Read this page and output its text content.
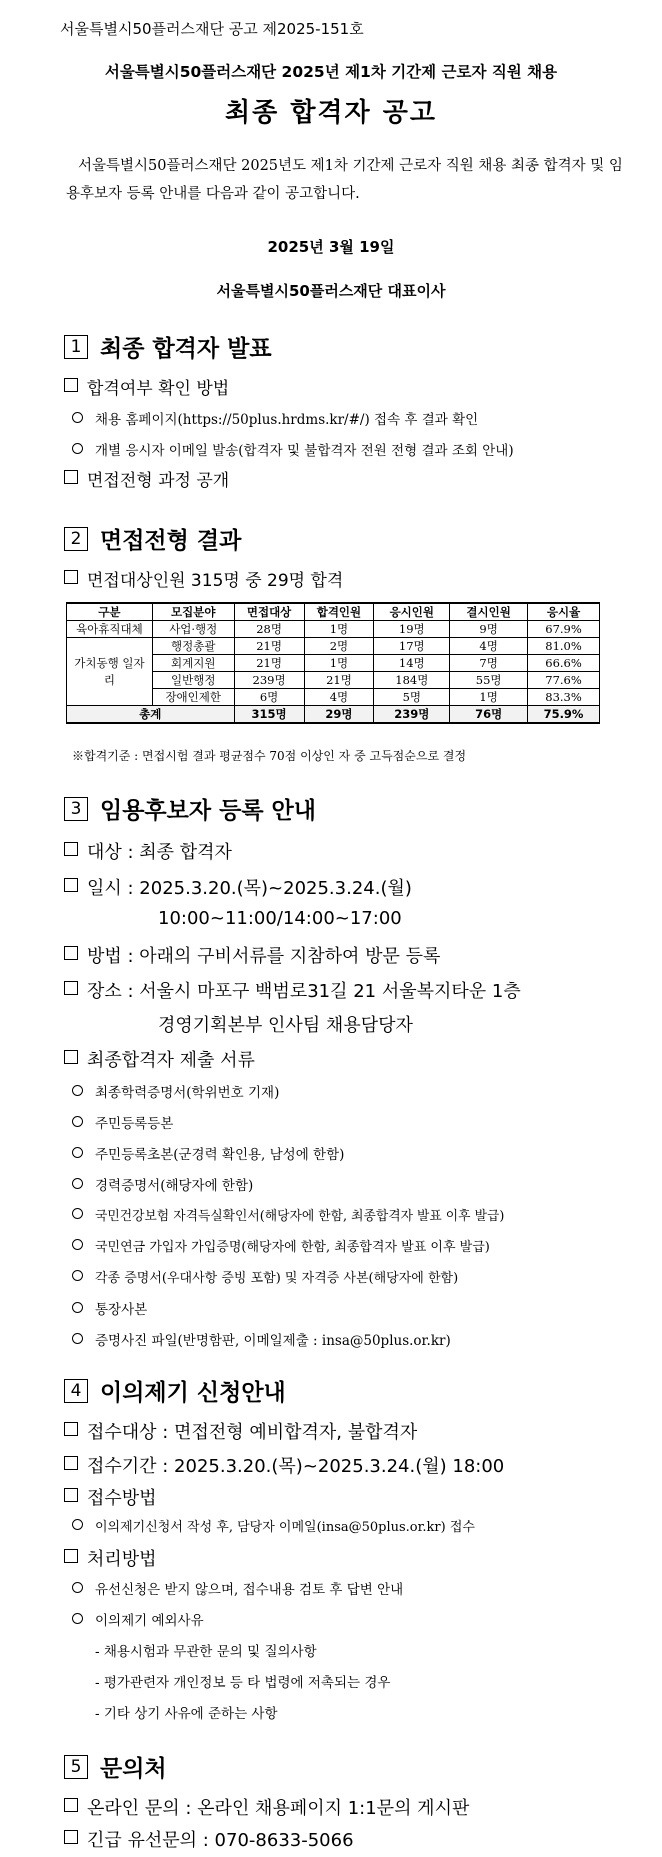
서울특별시50플러스재단 공고 제2025-151호
서울특별시50플러스재단 2025년 제1차 기간제 근로자 직원 채용
최종 합격자 공고
서울특별시50플러스재단 2025년도 제1차 기간제 근로자 직원 채용 최종 합격자 및 임용후보자 등록 안내를 다음과 같이 공고합니다.
2025년 3월 19일
서울특별시50플러스재단 대표이사
1 최종 합격자 발표
합격여부 확인 방법
채용 홈페이지(https://50plus.hrdms.kr/#/) 접속 후 결과 확인
개별 응시자 이메일 발송(합격자 및 불합격자 전원 전형 결과 조회 안내)
면접전형 과정 공개
2 면접전형 결과
면접대상인원 315명 중 29명 합격
구분	모집분야	면접대상	합격인원	응시인원	결시인원	응시율
육아휴직대체	사업·행정	28명	1명	19명	9명	67.9%
가치동행 일자리	행정총괄	21명	2명	17명	4명	81.0%
	회계지원	21명	1명	14명	7명	66.6%
	일반행정	239명	21명	184명	55명	77.6%
	장애인제한	6명	4명	5명	1명	83.3%
총계		315명	29명	239명	76명	75.9%
※합격기준 : 면접시험 결과 평균점수 70점 이상인 자 중 고득점순으로 결정
3 임용후보자 등록 안내
대상 : 최종 합격자
일시 : 2025.3.20.(목)~2025.3.24.(월)
10:00~11:00/14:00~17:00
방법 : 아래의 구비서류를 지참하여 방문 등록
장소 : 서울시 마포구 백범로31길 21 서울복지타운 1층
경영기획본부 인사팀 채용담당자
최종합격자 제출 서류
최종학력증명서(학위번호 기재)
주민등록등본
주민등록초본(군경력 확인용, 남성에 한함)
경력증명서(해당자에 한함)
국민건강보험 자격득실확인서(해당자에 한함, 최종합격자 발표 이후 발급)
국민연금 가입자 가입증명(해당자에 한함, 최종합격자 발표 이후 발급)
각종 증명서(우대사항 증빙 포함) 및 자격증 사본(해당자에 한함)
통장사본
증명사진 파일(반명함판, 이메일제출 : insa@50plus.or.kr)
4 이의제기 신청안내
접수대상 : 면접전형 예비합격자, 불합격자
접수기간 : 2025.3.20.(목)~2025.3.24.(월) 18:00
접수방법
이의제기신청서 작성 후, 담당자 이메일(insa@50plus.or.kr) 접수
처리방법
유선신청은 받지 않으며, 접수내용 검토 후 답변 안내
이의제기 예외사유
- 채용시험과 무관한 문의 및 질의사항
- 평가관련자 개인정보 등 타 법령에 저촉되는 경우
- 기타 상기 사유에 준하는 사항
5 문의처
온라인 문의 : 온라인 채용페이지 1:1문의 게시판
긴급 유선문의 : 070-8633-5066
